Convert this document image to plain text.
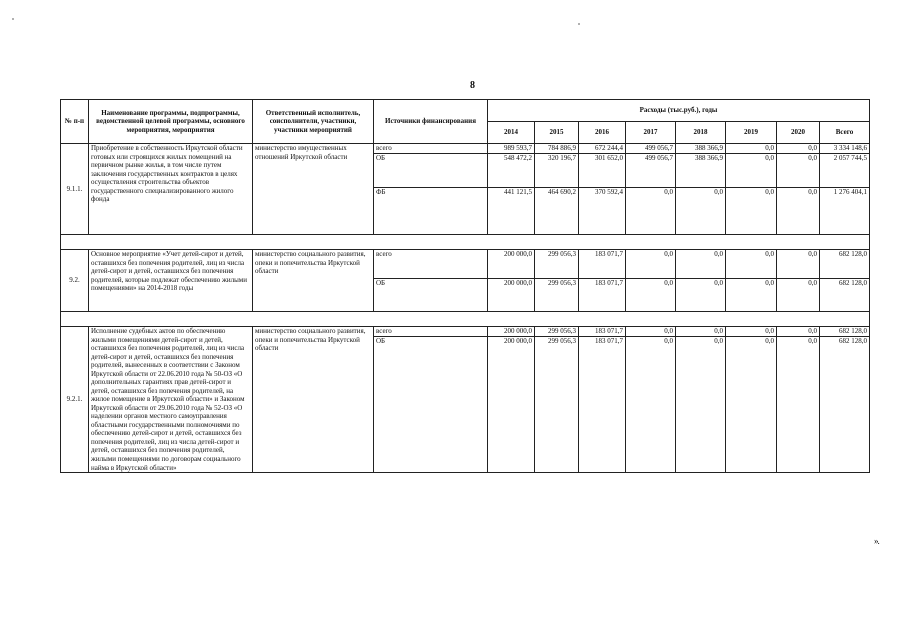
8
№ п-п	Наименование программы, подпрограммы, ведомственной целевой программы, основного мероприятия, мероприятия	Ответственный исполнитель, соисполнители, участники, участники мероприятий	Источники финансирования	Расходы (тыс.руб.), годы							
				2014	2015	2016	2017	2018	2019	2020	Всего
9.1.1.	Приобретение в собственность Иркутской области готовых или строящихся жилых помещений на первичном рынке жилья, в том числе путем заключения государственных контрактов в целях осуществления строительства объектов государственного специализированного жилого фонда	министерство имущественных отношений Иркутской области	всего	989 593,7	784 886,9	672 244,4	499 056,7	388 366,9	0,0	0,0	3 334 148,6
			ОБ	548 472,2	320 196,7	301 652,0	499 056,7	388 366,9	0,0	0,0	2 057 744,5
			ФБ	441 121,5	464 690,2	370 592,4	0,0	0,0	0,0	0,0	1 276 404,1

9.2.	Основное мероприятие «Учет детей-сирот и детей, оставшихся без попечения родителей, лиц из числа детей-сирот и детей, оставшихся без попечения родителей, которые подлежат обеспечению жилыми помещениями» на 2014-2018 годы	министерство социального развития, опеки и попечительства Иркутской области	всего	200 000,0	299 056,3	183 071,7	0,0	0,0	0,0	0,0	682 128,0
			ОБ	200 000,0	299 056,3	183 071,7	0,0	0,0	0,0	0,0	682 128,0

9.2.1.	Исполнение судебных актов по обеспечению жилыми помещениями детей-сирот и детей, оставшихся без попечения родителей, лиц из числа детей-сирот и детей, оставшихся без попечения родителей, вынесенных в соответствии с Законом Иркутской области от 22.06.2010 года № 50-ОЗ «О дополнительных гарантиях прав детей-сирот и детей, оставшихся без попечения родителей, на жилое помещение в Иркутской области» и Законом Иркутской области от 29.06.2010 года № 52-ОЗ «О наделении органов местного самоуправления областными государственными полномочиями по обеспечению детей-сирот и детей, оставшихся без попечения родителей, лиц из числа детей-сирот и детей, оставшихся без попечения родителей, жилыми помещениями по договорам социального найма в Иркутской области»	министерство социального развития, опеки и попечительства Иркутской области	всего	200 000,0	299 056,3	183 071,7	0,0	0,0	0,0	0,0	682 128,0
			ОБ	200 000,0	299 056,3	183 071,7	0,0	0,0	0,0	0,0	682 128,0
».
